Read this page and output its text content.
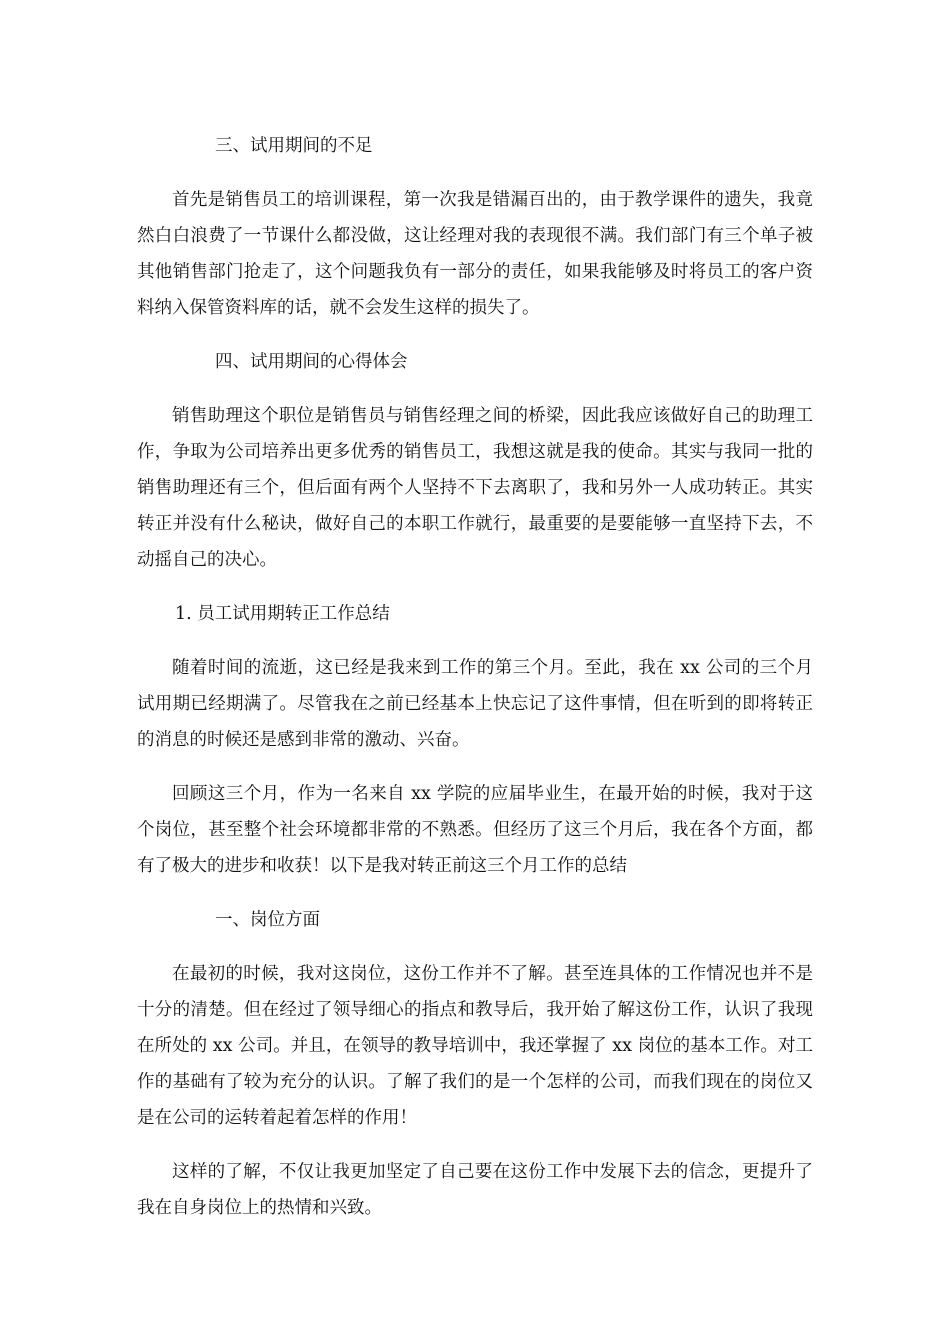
三、试用期间的不足

首先是销售员工的培训课程，第一次我是错漏百出的，由于教学课件的遗失，我竟然白白浪费了一节课什么都没做，这让经理对我的表现很不满。我们部门有三个单子被其他销售部门抢走了，这个问题我负有一部分的责任，如果我能够及时将员工的客户资料纳入保管资料库的话，就不会发生这样的损失了。

四、试用期间的心得体会

销售助理这个职位是销售员与销售经理之间的桥梁，因此我应该做好自己的助理工作，争取为公司培养出更多优秀的销售员工，我想这就是我的使命。其实与我同一批的销售助理还有三个，但后面有两个人坚持不下去离职了，我和另外一人成功转正。其实转正并没有什么秘诀，做好自己的本职工作就行，最重要的是要能够一直坚持下去，不动摇自己的决心。

1. 员工试用期转正工作总结

随着时间的流逝，这已经是我来到工作的第三个月。至此，我在 xx 公司的三个月试用期已经期满了。尽管我在之前已经基本上快忘记了这件事情，但在听到的即将转正的消息的时候还是感到非常的激动、兴奋。

回顾这三个月，作为一名来自 xx 学院的应届毕业生，在最开始的时候，我对于这个岗位，甚至整个社会环境都非常的不熟悉。但经历了这三个月后，我在各个方面，都有了极大的进步和收获！以下是我对转正前这三个月工作的总结

一、岗位方面

在最初的时候，我对这岗位，这份工作并不了解。甚至连具体的工作情况也并不是十分的清楚。但在经过了领导细心的指点和教导后，我开始了解这份工作，认识了我现在所处的 xx 公司。并且，在领导的教导培训中，我还掌握了 xx 岗位的基本工作。对工作的基础有了较为充分的认识。了解了我们的是一个怎样的公司，而我们现在的岗位又是在公司的运转着起着怎样的作用！

这样的了解，不仅让我更加坚定了自己要在这份工作中发展下去的信念，更提升了我在自身岗位上的热情和兴致。
